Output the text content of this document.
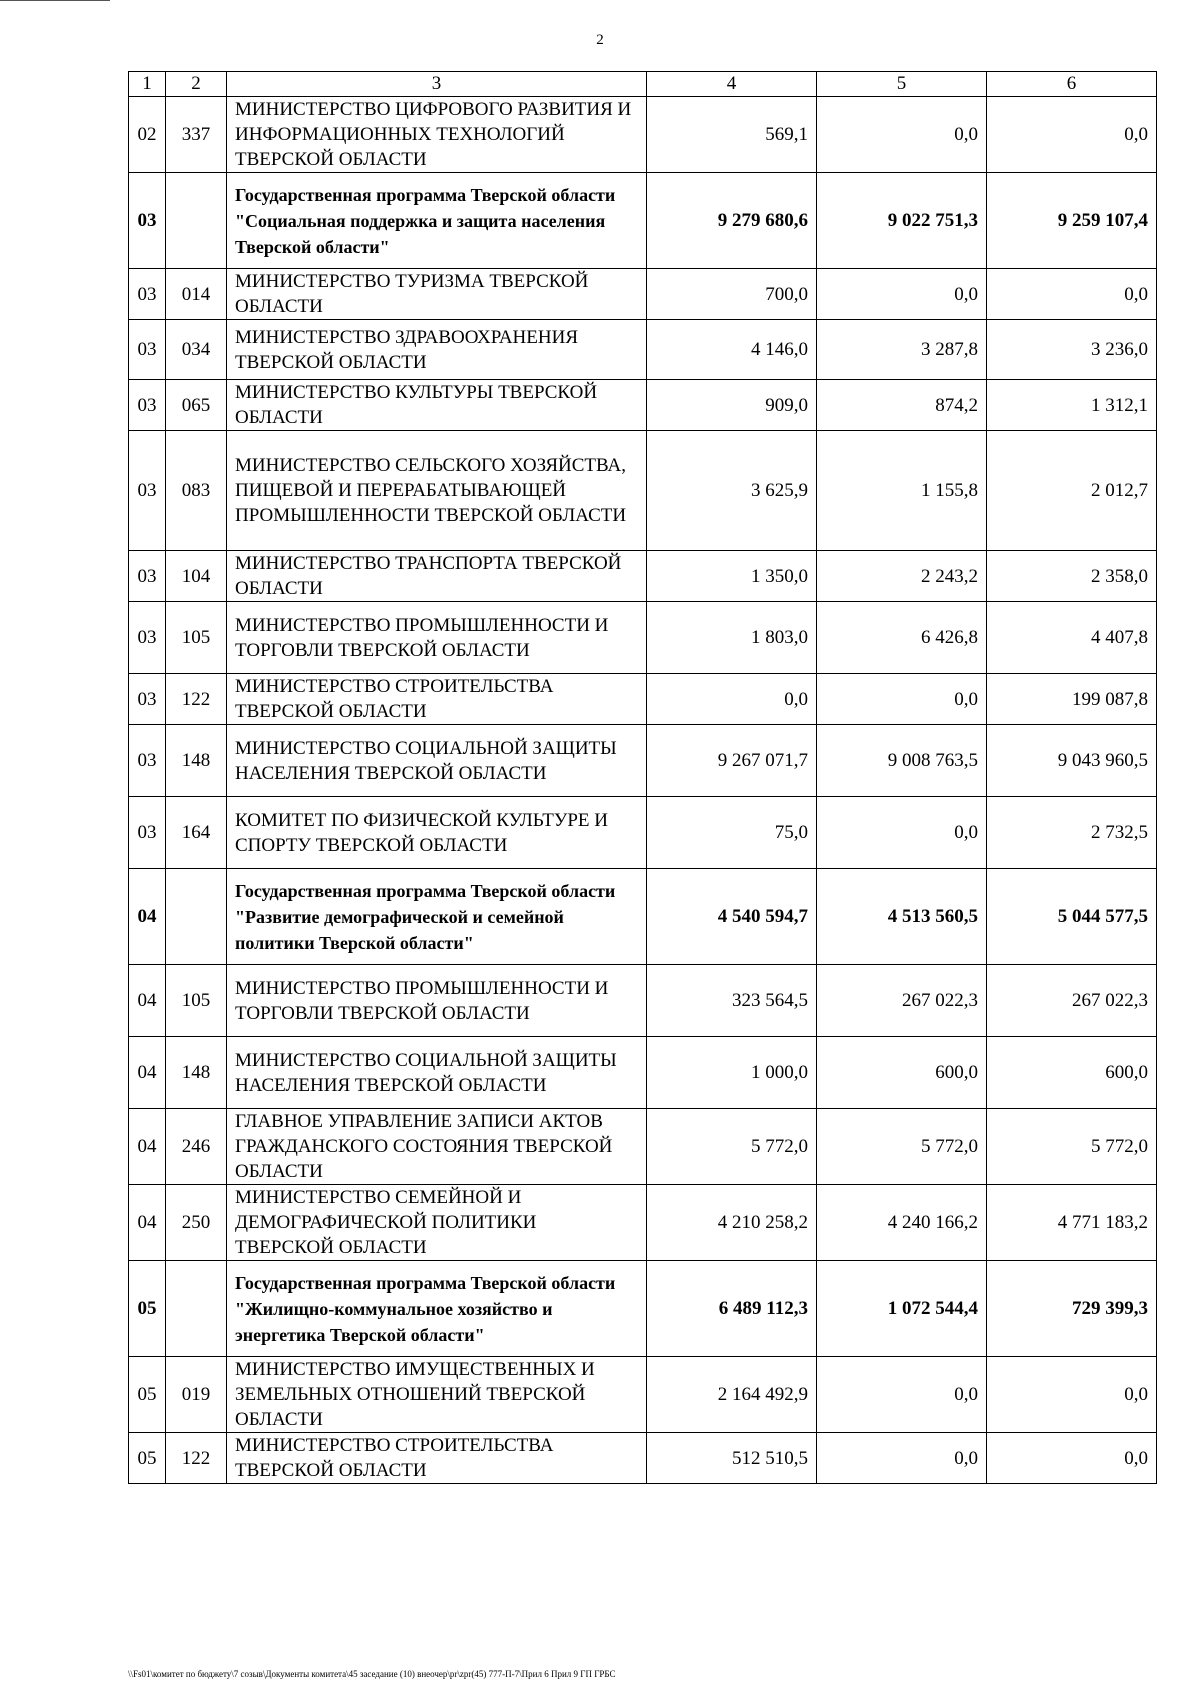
2
1	2	3	4	5	6
02	337	МИНИСТЕРСТВО ЦИФРОВОГО РАЗВИТИЯ И ИНФОРМАЦИОННЫХ ТЕХНОЛОГИЙ ТВЕРСКОЙ ОБЛАСТИ	569,1	0,0	0,0
03		Государственная программа Тверской области "Социальная поддержка и защита населения Тверской области"	9 279 680,6	9 022 751,3	9 259 107,4
03	014	МИНИСТЕРСТВО ТУРИЗМА ТВЕРСКОЙ ОБЛАСТИ	700,0	0,0	0,0
03	034	МИНИСТЕРСТВО ЗДРАВООХРАНЕНИЯ ТВЕРСКОЙ ОБЛАСТИ	4 146,0	3 287,8	3 236,0
03	065	МИНИСТЕРСТВО КУЛЬТУРЫ ТВЕРСКОЙ ОБЛАСТИ	909,0	874,2	1 312,1
03	083	МИНИСТЕРСТВО СЕЛЬСКОГО ХОЗЯЙСТВА, ПИЩЕВОЙ И ПЕРЕРАБАТЫВАЮЩЕЙ ПРОМЫШЛЕННОСТИ ТВЕРСКОЙ ОБЛАСТИ	3 625,9	1 155,8	2 012,7
03	104	МИНИСТЕРСТВО ТРАНСПОРТА ТВЕРСКОЙ ОБЛАСТИ	1 350,0	2 243,2	2 358,0
03	105	МИНИСТЕРСТВО ПРОМЫШЛЕННОСТИ И ТОРГОВЛИ ТВЕРСКОЙ ОБЛАСТИ	1 803,0	6 426,8	4 407,8
03	122	МИНИСТЕРСТВО СТРОИТЕЛЬСТВА ТВЕРСКОЙ ОБЛАСТИ	0,0	0,0	199 087,8
03	148	МИНИСТЕРСТВО СОЦИАЛЬНОЙ ЗАЩИТЫ НАСЕЛЕНИЯ ТВЕРСКОЙ ОБЛАСТИ	9 267 071,7	9 008 763,5	9 043 960,5
03	164	КОМИТЕТ ПО ФИЗИЧЕСКОЙ КУЛЬТУРЕ И СПОРТУ ТВЕРСКОЙ ОБЛАСТИ	75,0	0,0	2 732,5
04		Государственная программа Тверской области "Развитие демографической и семейной политики Тверской области"	4 540 594,7	4 513 560,5	5 044 577,5
04	105	МИНИСТЕРСТВО ПРОМЫШЛЕННОСТИ И ТОРГОВЛИ ТВЕРСКОЙ ОБЛАСТИ	323 564,5	267 022,3	267 022,3
04	148	МИНИСТЕРСТВО СОЦИАЛЬНОЙ ЗАЩИТЫ НАСЕЛЕНИЯ ТВЕРСКОЙ ОБЛАСТИ	1 000,0	600,0	600,0
04	246	ГЛАВНОЕ УПРАВЛЕНИЕ ЗАПИСИ АКТОВ ГРАЖДАНСКОГО СОСТОЯНИЯ ТВЕРСКОЙ ОБЛАСТИ	5 772,0	5 772,0	5 772,0
04	250	МИНИСТЕРСТВО СЕМЕЙНОЙ И ДЕМОГРАФИЧЕСКОЙ ПОЛИТИКИ ТВЕРСКОЙ ОБЛАСТИ	4 210 258,2	4 240 166,2	4 771 183,2
05		Государственная программа Тверской области "Жилищно-коммунальное хозяйство и энергетика Тверской области"	6 489 112,3	1 072 544,4	729 399,3
05	019	МИНИСТЕРСТВО ИМУЩЕСТВЕННЫХ И ЗЕМЕЛЬНЫХ ОТНОШЕНИЙ ТВЕРСКОЙ ОБЛАСТИ	2 164 492,9	0,0	0,0
05	122	МИНИСТЕРСТВО СТРОИТЕЛЬСТВА ТВЕРСКОЙ ОБЛАСТИ	512 510,5	0,0	0,0
\\Fs01\комитет по бюджету\7 созыв\Документы комитета\45 заседание (10) внеочер\pr\zpr(45) 777-П-7\Прил 6 Прил 9 ГП ГРБС
